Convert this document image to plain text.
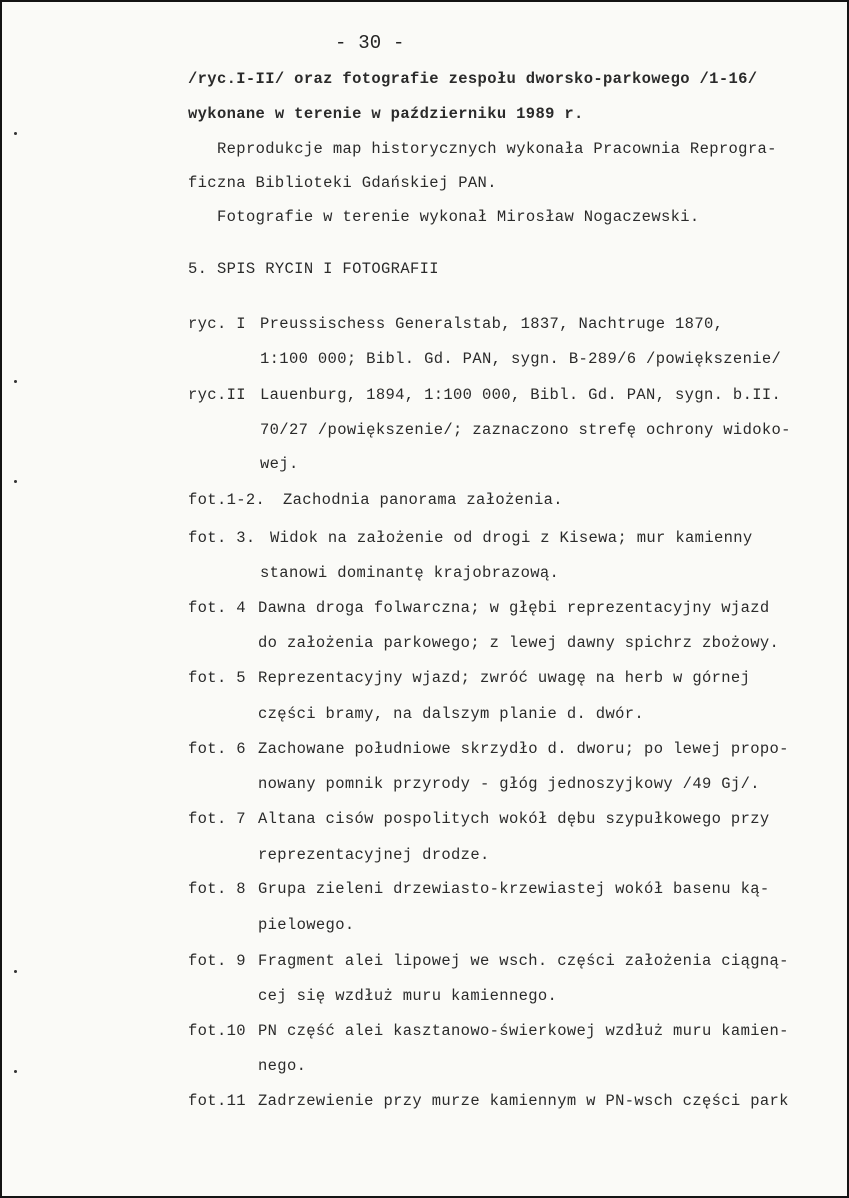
- 30 -
/ryc.I-II/ oraz fotografie zespołu dworsko-parkowego /1-16/
wykonane w terenie w październiku 1989 r.
Reprodukcje map historycznych wykonała Pracownia Reprogra-
ficzna Biblioteki Gdańskiej PAN.
Fotografie w terenie wykonał Mirosław Nogaczewski.
5. SPIS RYCIN I FOTOGRAFII
ryc. I Preussischess Generalstab, 1837, Nachtruge 1870,
1:100 000; Bibl. Gd. PAN, sygn. B-289/6 /powiększenie/
ryc.II Lauenburg, 1894, 1:100 000, Bibl. Gd. PAN, sygn. b.II.
70/27 /powiększenie/; zaznaczono strefę ochrony widoko-
wej.
fot.1-2. Zachodnia panorama założenia.
fot. 3. Widok na założenie od drogi z Kisewa; mur kamienny
stanowi dominantę krajobrazową.
fot. 4 Dawna droga folwarczna; w głębi reprezentacyjny wjazd
do założenia parkowego; z lewej dawny spichrz zbożowy.
fot. 5 Reprezentacyjny wjazd; zwróć uwagę na herb w górnej
części bramy, na dalszym planie d. dwór.
fot. 6 Zachowane południowe skrzydło d. dworu; po lewej propo-
nowany pomnik przyrody - głóg jednoszyjkowy /49 Gj/.
fot. 7 Altana cisów pospolitych wokół dębu szypułkowego przy
reprezentacyjnej drodze.
fot. 8 Grupa zieleni drzewiasto-krzewiastej wokół basenu ką-
pielowego.
fot. 9 Fragment alei lipowej we wsch. części założenia ciągną-
cej się wzdłuż muru kamiennego.
fot.10 PN część alei kasztanowo-świerkowej wzdłuż muru kamien-
nego.
fot.11 Zadrzewienie przy murze kamiennym w PN-wsch części park
